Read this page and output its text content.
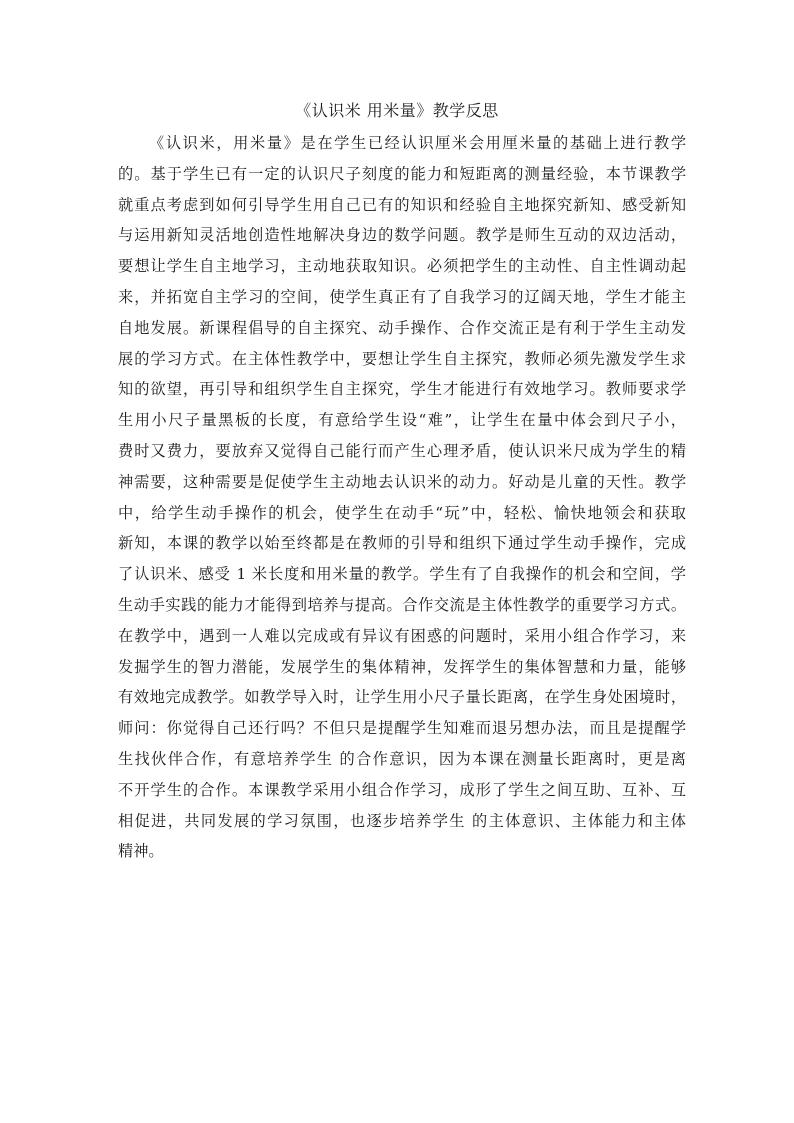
《认识米 用米量》教学反思
《认识米，用米量》是在学生已经认识厘米会用厘米量的基础上进行教学
的。基于学生已有一定的认识尺子刻度的能力和短距离的测量经验，本节课教学
就重点考虑到如何引导学生用自己已有的知识和经验自主地探究新知、感受新知
与运用新知灵活地创造性地解决身边的数学问题。教学是师生互动的双边活动，
要想让学生自主地学习，主动地获取知识。必须把学生的主动性、自主性调动起
来，并拓宽自主学习的空间，使学生真正有了自我学习的辽阔天地，学生才能主
自地发展。新课程倡导的自主探究、动手操作、合作交流正是有利于学生主动发
展的学习方式。在主体性教学中，要想让学生自主探究，教师必须先激发学生求
知的欲望，再引导和组织学生自主探究，学生才能进行有效地学习。教师要求学
生用小尺子量黑板的长度，有意给学生设“难”，让学生在量中体会到尺子小，
费时又费力，要放弃又觉得自己能行而产生心理矛盾，使认识米尺成为学生的精
神需要，这种需要是促使学生主动地去认识米的动力。好动是儿童的天性。教学
中，给学生动手操作的机会，使学生在动手“玩”中，轻松、愉快地领会和获取
新知，本课的教学以始至终都是在教师的引导和组织下通过学生动手操作，完成
了认识米、感受 1 米长度和用米量的教学。学生有了自我操作的机会和空间，学
生动手实践的能力才能得到培养与提高。合作交流是主体性教学的重要学习方式。
在教学中，遇到一人难以完成或有异议有困惑的问题时，采用小组合作学习，来
发掘学生的智力潜能，发展学生的集体精神，发挥学生的集体智慧和力量，能够
有效地完成教学。如教学导入时，让学生用小尺子量长距离，在学生身处困境时，
师问：你觉得自己还行吗？不但只是提醒学生知难而退另想办法，而且是提醒学
生找伙伴合作，有意培养学生 的合作意识，因为本课在测量长距离时，更是离
不开学生的合作。本课教学采用小组合作学习，成形了学生之间互助、互补、互
相促进，共同发展的学习氛围，也逐步培养学生 的主体意识、主体能力和主体
精神。
